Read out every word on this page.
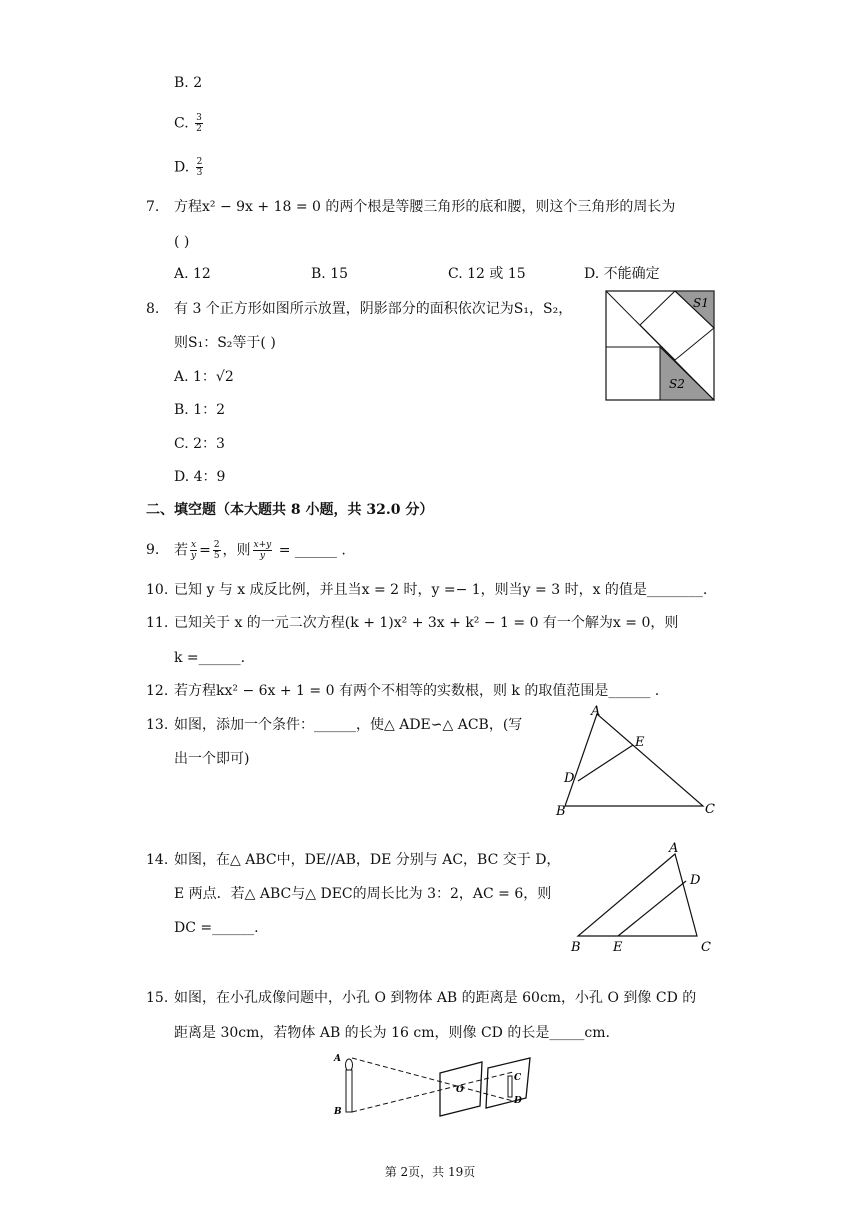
B. 2
C. $\frac{3}{2}$
D. $\frac{2}{3}$
7. 方程x² − 9x + 18 = 0 的两个根是等腰三角形的底和腰，则这个三角形的周长为
( )
A. 12	B. 15	C. 12 或 15	D. 不能确定
8. 有 3 个正方形如图所示放置，阴影部分的面积依次记为S₁，S₂，
则S₁：S₂等于( )
A. 1：√2
B. 1：2
C. 2：3
D. 4：9
S1
S2
二、填空题（本大题共 8 小题，共 32.0 分）
9. 若 $\frac{x}{y} = \frac{2}{5}$ ，则 $\frac{x+y}{y}$ = ______ .
10. 已知 y 与 x 成反比例，并且当x = 2 时，y =− 1，则当y = 3 时，x 的值是________.
11. 已知关于 x 的一元二次方程(k + 1)x² + 3x + k² − 1 = 0 有一个解为x = 0，则
k =______.
12. 若方程kx² − 6x + 1 = 0 有两个不相等的实数根，则 k 的取值范围是______ .
13. 如图，添加一个条件：______，使△ ADE∽△ ACB，(写
出一个即可)
A
E
D
B	C
14. 如图，在△ ABC中，DE//AB，DE 分别与 AC，BC 交于 D，
E 两点．若△ ABC与△ DEC的周长比为 3：2，AC = 6，则
DC =______.
A
D
B E	C
15. 如图，在小孔成像问题中，小孔 O 到物体 AB 的距离是 60cm，小孔 O 到像 CD 的
距离是 30cm，若物体 AB 的长为 16 cm，则像 CD 的长是_____cm.
A
B
O
C
D
第 2页，共 19页
